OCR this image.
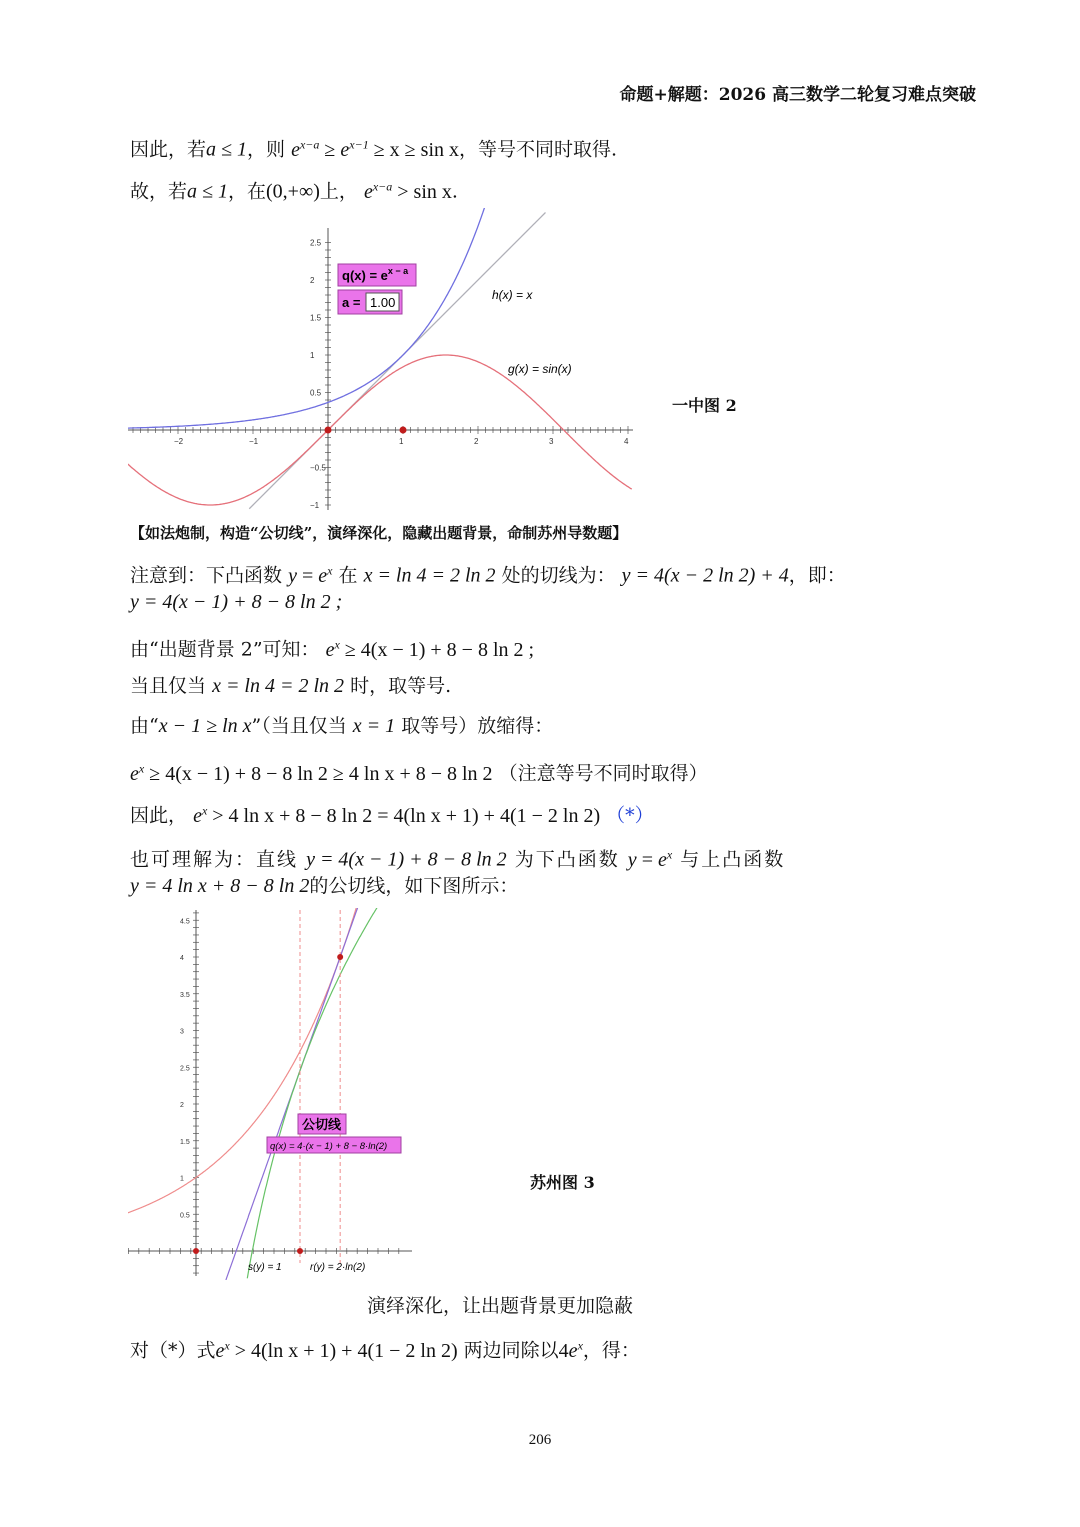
命题+解题：2026 高三数学二轮复习难点突破
因此，若a ≤ 1，则 $e^{x-a} \ge e^{x-1} \ge x \ge \sin x$，等号不同时取得.
故，若a ≤ 1，在(0,+∞)上， $e^{x-a} > \sin x$.
−2	−1	1	2	3	4
2.5
2
1.5
1
0.5
−0.5
−1
$q(x) = e^{x - a}$
a = 1.00	h(x) = x
g(x) = sin(x)
一中图 2
【如法炮制，构造“公切线”，演绎深化，隐藏出题背景，命制苏州导数题】
注意到：下凸函数 $y = e^x$ 在 x = ln 4 = 2 ln 2 处的切线为： y = 4(x − 2 ln 2) + 4，即：
y = 4(x − 1) + 8 − 8 ln 2 ;
由“出题背景 2”可知： $e^x \ge 4(x - 1) + 8 - 8$ ln 2 ;
当且仅当 x = ln 4 = 2 ln 2 时，取等号.
由“x − 1 ≥ ln x”（当且仅当 x = 1 取等号）放缩得：
$e^x \ge 4(x - 1) + 8 - 8$ ln 2 ≥ 4 ln x + 8 − 8 ln 2 （注意等号不同时取得）
因此， $e^x > 4$ ln x + 8 − 8 ln 2 = 4(ln x + 1) + 4(1 − 2 ln 2) （*）
也可理解为：直线 y = 4(x − 1) + 8 − 8 ln 2 为下凸函数 $y = e^x$ 与上凸函数
y = 4 ln x + 8 − 8 ln 2的公切线，如下图所示：
4.5
4
3.5
3
2.5
2
1.5
1
0.5
公切线
q(x) = 4·(x − 1) + 8 − 8·ln(2)
s(y) = 1	r(y) = 2·ln(2)
苏州图 3
演绎深化，让出题背景更加隐蔽
对（*）式$e^x > 4(\ln$ x + 1) + 4(1 − 2 ln 2) 两边同除以$4e^x$，得：
206
